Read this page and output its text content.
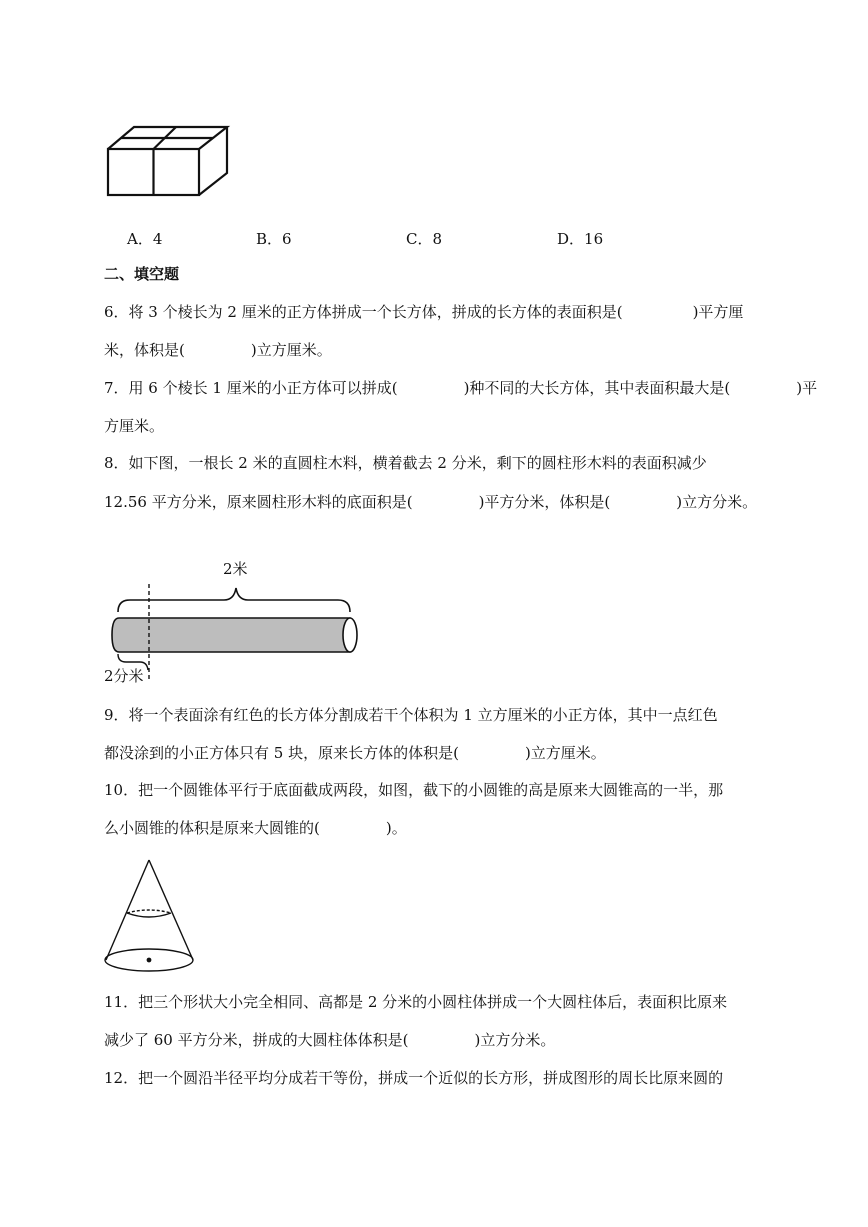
A．4	B．6	C．8	D．16
二、填空题
6．将 3 个棱长为 2 厘米的正方体拼成一个长方体，拼成的长方体的表面积是(	)平方厘
米，体积是(	)立方厘米。
7．用 6 个棱长 1 厘米的小正方体可以拼成(	)种不同的大长方体，其中表面积最大是(	)平
方厘米。
8．如下图，一根长 2 米的直圆柱木料，横着截去 2 分米，剩下的圆柱形木料的表面积减少
12.56 平方分米，原来圆柱形木料的底面积是(	)平方分米，体积是(	)立方分米。
2米
2分米
9．将一个表面涂有红色的长方体分割成若干个体积为 1 立方厘米的小正方体，其中一点红色
都没涂到的小正方体只有 5 块，原来长方体的体积是(	)立方厘米。
10．把一个圆锥体平行于底面截成两段，如图，截下的小圆锥的高是原来大圆锥高的一半，那
么小圆锥的体积是原来大圆锥的(	)。
11．把三个形状大小完全相同、高都是 2 分米的小圆柱体拼成一个大圆柱体后，表面积比原来
减少了 60 平方分米，拼成的大圆柱体体积是(	)立方分米。
12．把一个圆沿半径平均分成若干等份，拼成一个近似的长方形，拼成图形的周长比原来圆的
